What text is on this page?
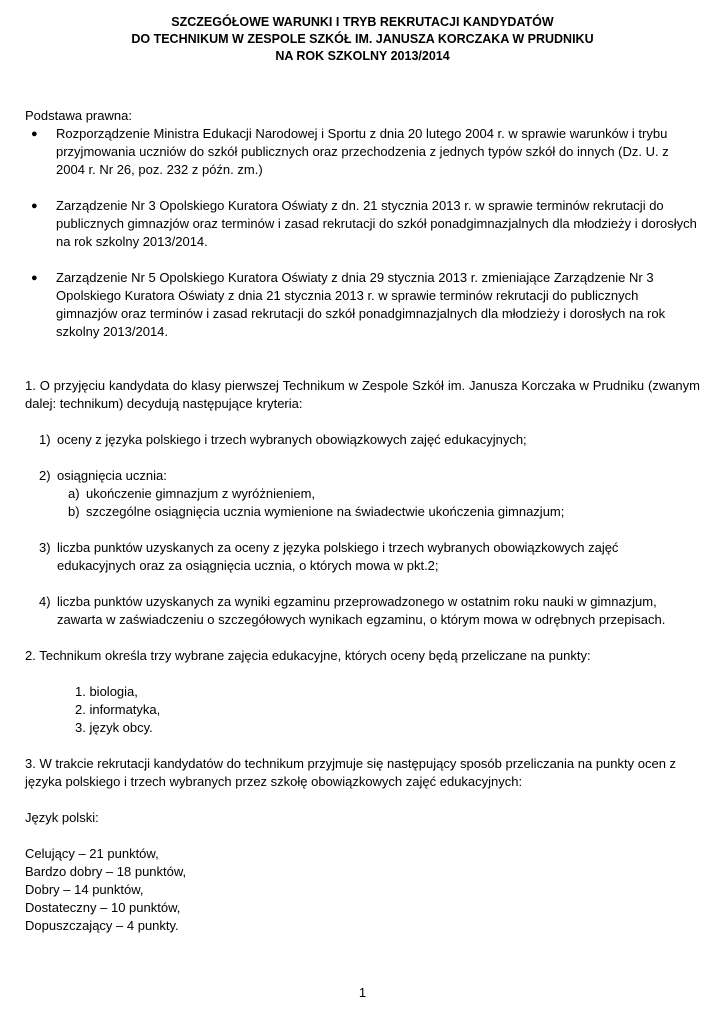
SZCZEGÓŁOWE WARUNKI I TRYB REKRUTACJI KANDYDATÓW
DO TECHNIKUM W ZESPOLE SZKÓŁ IM. JANUSZA KORCZAKA W PRUDNIKU
NA ROK SZKOLNY 2013/2014
Podstawa prawna:
●	Rozporządzenie Ministra Edukacji Narodowej i Sportu z dnia 20 lutego 2004 r. w sprawie warunków i trybu przyjmowania uczniów do szkół publicznych oraz przechodzenia z jednych typów szkół do innych (Dz. U. z 2004 r. Nr 26, poz. 232 z późn. zm.)
●	Zarządzenie Nr 3 Opolskiego Kuratora Oświaty z dn. 21 stycznia 2013 r. w sprawie terminów rekrutacji do publicznych gimnazjów oraz terminów i zasad rekrutacji do szkół ponadgimnazjalnych dla młodzieży i dorosłych na rok szkolny 2013/2014.
●	Zarządzenie Nr 5 Opolskiego Kuratora Oświaty z dnia 29 stycznia 2013 r. zmieniające Zarządzenie Nr 3 Opolskiego Kuratora Oświaty z dnia 21 stycznia 2013 r. w sprawie terminów rekrutacji do publicznych gimnazjów oraz terminów i zasad rekrutacji do szkół ponadgimnazjalnych dla młodzieży i dorosłych na rok szkolny 2013/2014.
1. O przyjęciu kandydata do klasy pierwszej Technikum w Zespole Szkół im. Janusza Korczaka w Prudniku (zwanym dalej: technikum) decydują następujące kryteria:
1) oceny z języka polskiego i trzech wybranych obowiązkowych zajęć edukacyjnych;
2) osiągnięcia ucznia:
a) ukończenie gimnazjum z wyróżnieniem,
b) szczególne osiągnięcia ucznia wymienione na świadectwie ukończenia gimnazjum;
3) liczba punktów uzyskanych za oceny z języka polskiego i trzech wybranych obowiązkowych zajęć edukacyjnych oraz za osiągnięcia ucznia, o których mowa w pkt.2;
4) liczba punktów uzyskanych za wyniki egzaminu przeprowadzonego w ostatnim roku nauki w gimnazjum, zawarta w zaświadczeniu o szczegółowych wynikach egzaminu, o którym mowa w odrębnych przepisach.
2. Technikum określa trzy wybrane zajęcia edukacyjne, których oceny będą przeliczane na punkty:
1. biologia,
2. informatyka,
3. język obcy.
3. W trakcie rekrutacji kandydatów do technikum przyjmuje się następujący sposób przeliczania na punkty ocen z języka polskiego i trzech wybranych przez szkołę obowiązkowych zajęć edukacyjnych:
Język polski:
Celujący – 21 punktów,
Bardzo dobry – 18 punktów,
Dobry – 14 punktów,
Dostateczny – 10 punktów,
Dopuszczający – 4 punkty.
1
